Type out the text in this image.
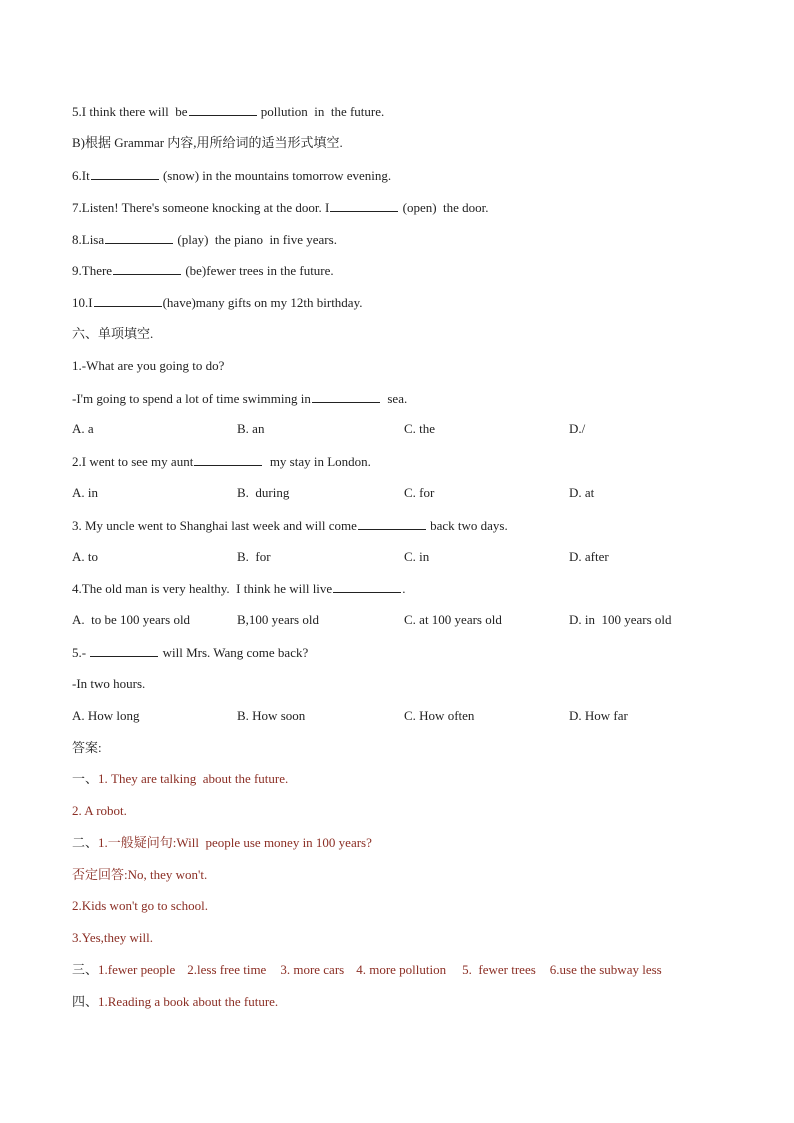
5.I think there will  be	pollution  in  the future.
B)根据 Grammar 内容,用所给词的适当形式填空.
6.It	(snow) in the mountains tomorrow evening.
7.Listen! There's someone knocking at the door. I	(open)  the door.
8.Lisa	(play)  the piano  in five years.
9.There	(be)fewer trees in the future.
10.I	(have)many gifts on my 12th birthday.
六、单项填空.
1.-What are you going to do?
-I'm going to spend a lot of time swimming in	sea.
A. a	B. an	C. the	D./
2.I went to see my aunt	my stay in London.
A. in	B.  during	C. for	D. at
3. My uncle went to Shanghai last week and will come	back two days.
A. to	B.  for	C. in	D. after
4.The old man is very healthy.  I think he will live	.
A.  to be 100 years old	B,100 years old	C. at 100 years old	D. in  100 years old
5.-	will Mrs. Wang come back?
-In two hours.
A. How long	B. How soon	C. How often	D. How far
答案:
一、1. They are talking  about the future.
2. A robot.
二、1.一般疑问句:Will  people use money in 100 years?
否定回答:No, they won't.
2.Kids won't go to school.
3.Yes,they will.
三、1.fewer people 2.less free time 3. more cars 4. more pollution 5.  fewer trees 6.use the subway less
四、1.Reading a book about the future.
